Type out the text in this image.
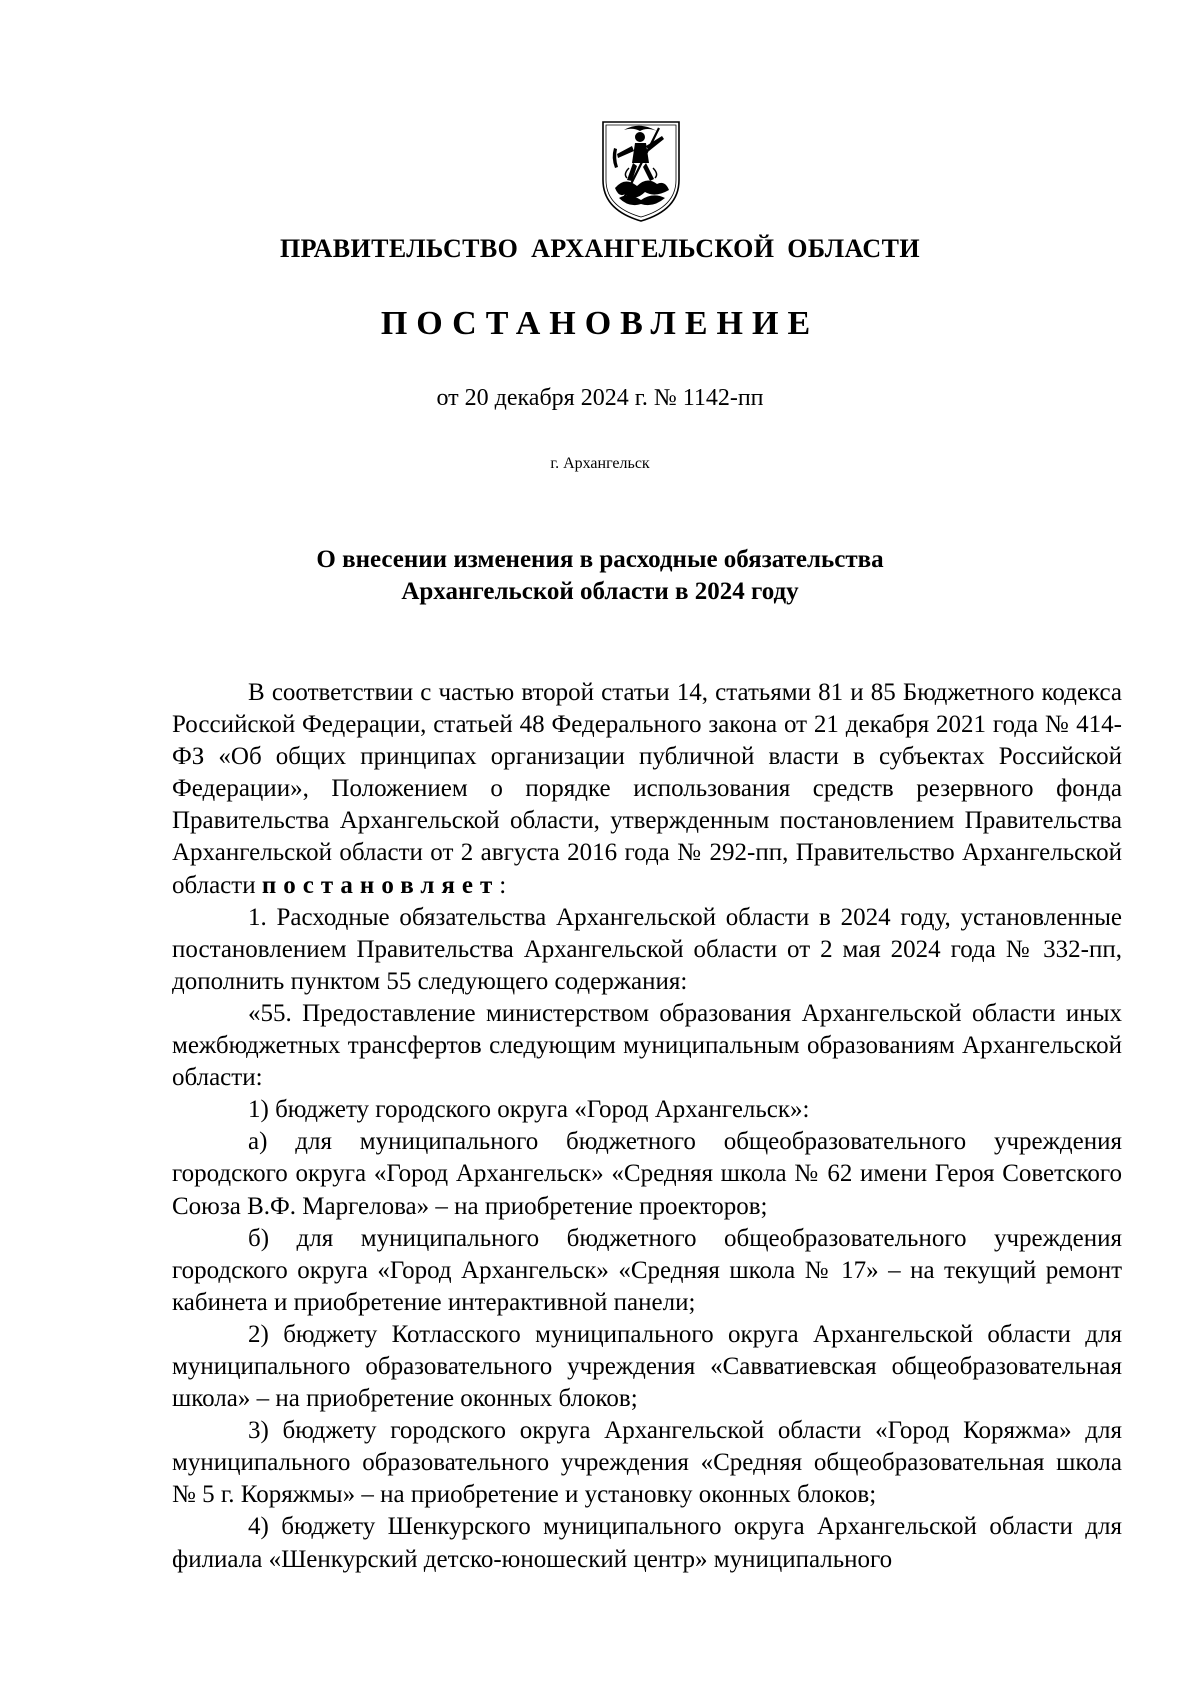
ПРАВИТЕЛЬСТВО АРХАНГЕЛЬСКОЙ ОБЛАСТИ
ПОСТАНОВЛЕНИЕ
от 20 декабря 2024 г. № 1142-пп
г. Архангельск
О внесении изменения в расходные обязательства
Архангельской области в 2024 году

В соответствии с частью второй статьи 14, статьями 81 и 85 Бюджетного кодекса Российской Федерации, статьей 48 Федерального закона от 21 декабря 2021 года № 414-ФЗ «Об общих принципах организации публичной власти в субъектах Российской Федерации», Положением о порядке использования средств резервного фонда Правительства Архангельской области, утвержденным постановлением Правительства Архангельской области от 2 августа 2016 года № 292-пп, Правительство Архангельской области постановляет:

1. Расходные обязательства Архангельской области в 2024 году, установленные постановлением Правительства Архангельской области от 2 мая 2024 года № 332-пп, дополнить пунктом 55 следующего содержания:

«55. Предоставление министерством образования Архангельской области иных межбюджетных трансфертов следующим муниципальным образованиям Архангельской области:

1) бюджету городского округа «Город Архангельск»:

а) для муниципального бюджетного общеобразовательного учреждения городского округа «Город Архангельск» «Средняя школа № 62 имени Героя Советского Союза В.Ф. Маргелова» – на приобретение проекторов;

б) для муниципального бюджетного общеобразовательного учреждения городского округа «Город Архангельск» «Средняя школа № 17» – на текущий ремонт кабинета и приобретение интерактивной панели;

2) бюджету Котласского муниципального округа Архангельской области для муниципального образовательного учреждения «Савватиевская общеобразовательная школа» – на приобретение оконных блоков;

3) бюджету городского округа Архангельской области «Город Коряжма» для муниципального образовательного учреждения «Средняя общеобразовательная школа № 5 г. Коряжмы» – на приобретение и установку оконных блоков;

4) бюджету Шенкурского муниципального округа Архангельской области для филиала «Шенкурский детско-юношеский центр» муниципального
